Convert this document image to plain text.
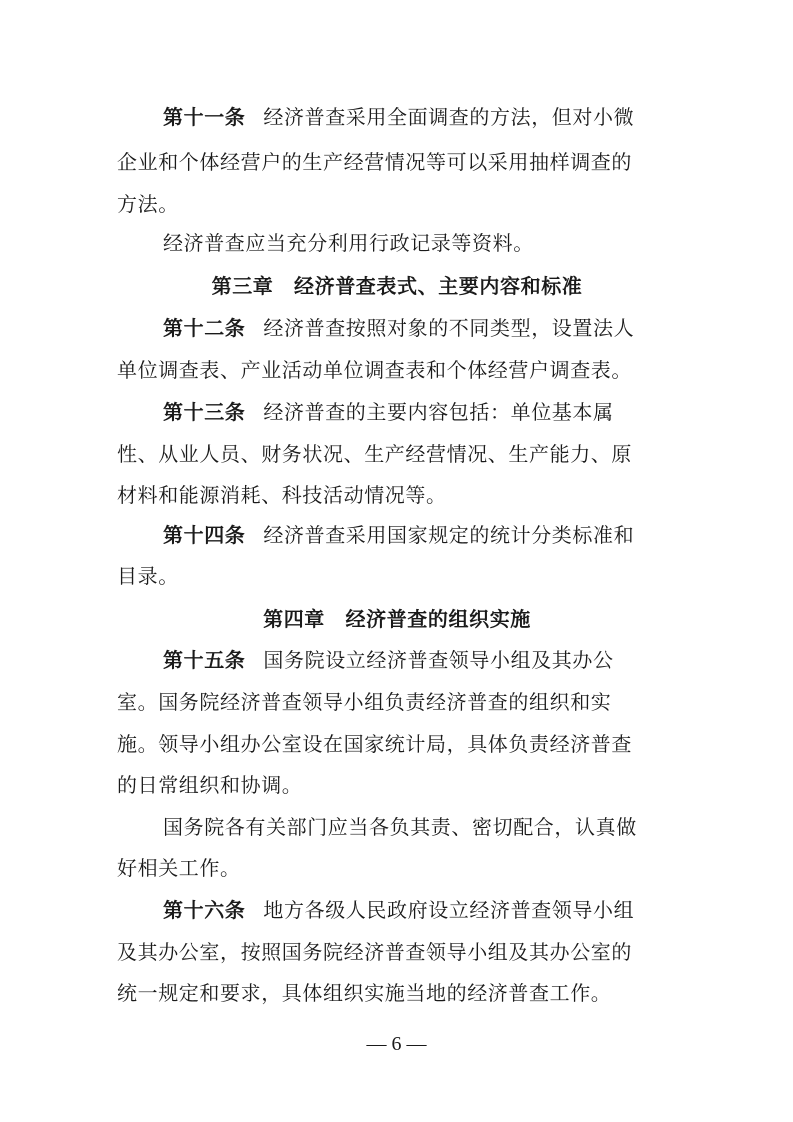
第十一条 经济普查采用全面调查的方法，但对小微
企业和个体经营户的生产经营情况等可以采用抽样调查的
方法。
经济普查应当充分利用行政记录等资料。
第三章　经济普查表式、主要内容和标准
第十二条 经济普查按照对象的不同类型，设置法人
单位调查表、产业活动单位调查表和个体经营户调查表。
第十三条 经济普查的主要内容包括：单位基本属
性、从业人员、财务状况、生产经营情况、生产能力、原
材料和能源消耗、科技活动情况等。
第十四条 经济普查采用国家规定的统计分类标准和
目录。
第四章　经济普查的组织实施
第十五条 国务院设立经济普查领导小组及其办公
室。国务院经济普查领导小组负责经济普查的组织和实
施。领导小组办公室设在国家统计局，具体负责经济普查
的日常组织和协调。
国务院各有关部门应当各负其责、密切配合，认真做
好相关工作。
第十六条 地方各级人民政府设立经济普查领导小组
及其办公室，按照国务院经济普查领导小组及其办公室的
统一规定和要求，具体组织实施当地的经济普查工作。
— 6 —
